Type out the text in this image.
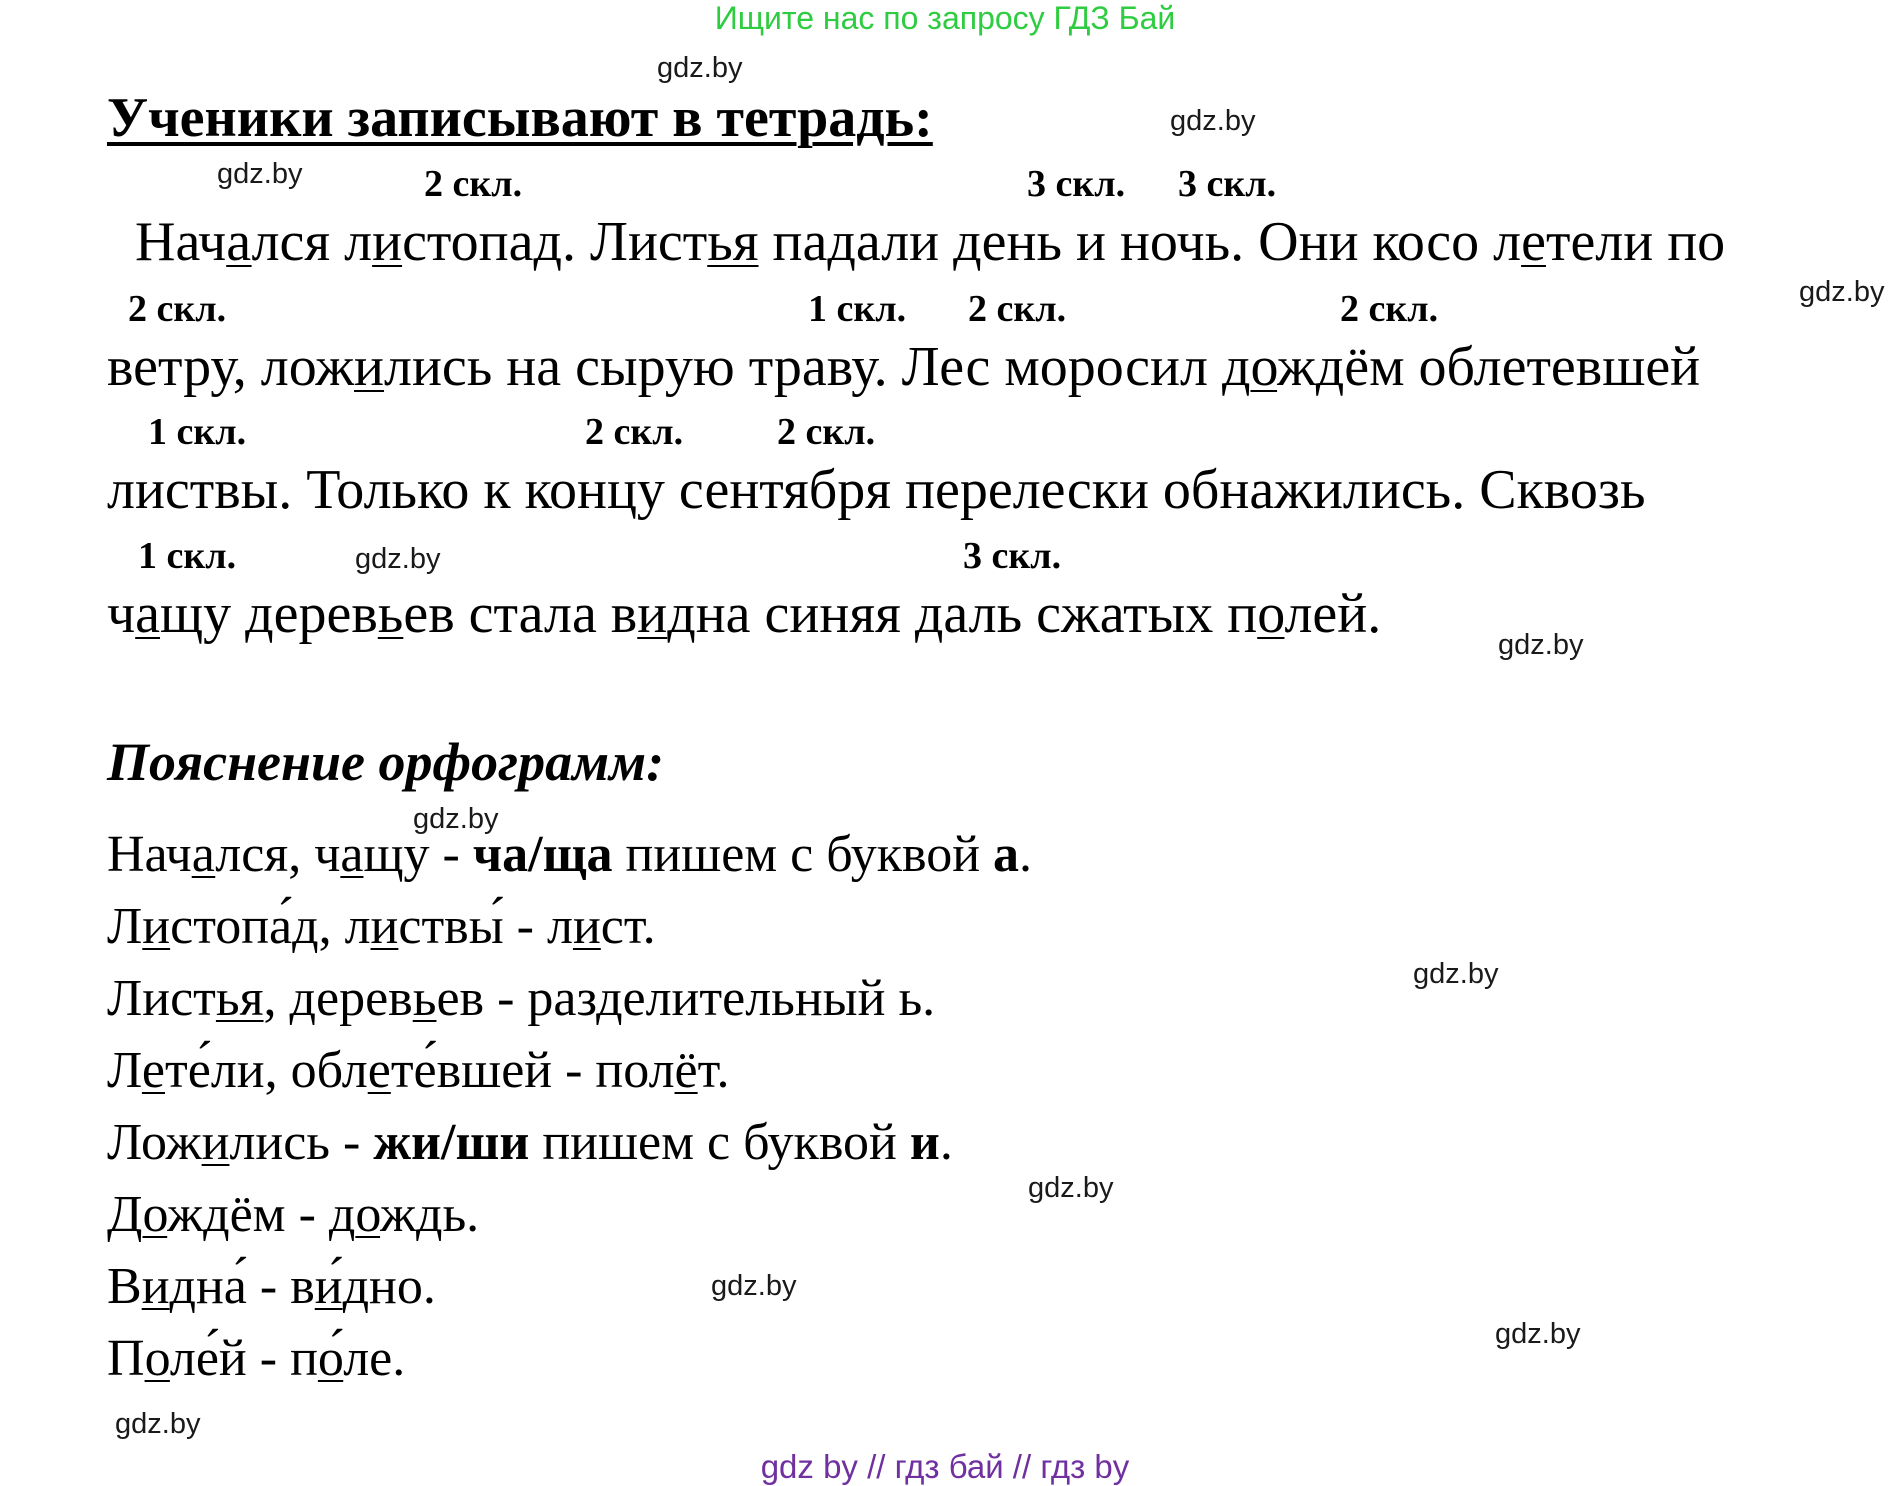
Ищите нас по запросу ГДЗ Бай
gdz.by
gdz.by
gdz.by
gdz.by
gdz.by
gdz.by
gdz.by
gdz.by
gdz.by
gdz.by
gdz.by
gdz.by
Ученики записывают в тетрадь:
2 скл.	3 скл. 3 скл.
Начался листопад. Листья падали день и ночь. Они косо летели по
2 скл.	1 скл. 2 скл.	2 скл.
ветру, ложились на сырую траву. Лес моросил дождём облетевшей
1 скл.	2 скл. 2 скл.
листвы. Только к концу сентября перелески обнажились. Сквозь
1 скл.	3 скл.
чащу деревьев стала видна синяя даль сжатых полей.
Пояснение орфограмм:
Начался, чащу - ча/ща пишем с буквой а.
Листопа́д, листвы́ - лист.
Листья, деревьев - разделительный ь.
Лете́ли, облете́вшей - полёт.
Ложились - жи/ши пишем с буквой и.
Дождём - дождь.
Видна́ - ви́дно.
Поле́й - по́ле.
gdz by // гдз бай // гдз by
